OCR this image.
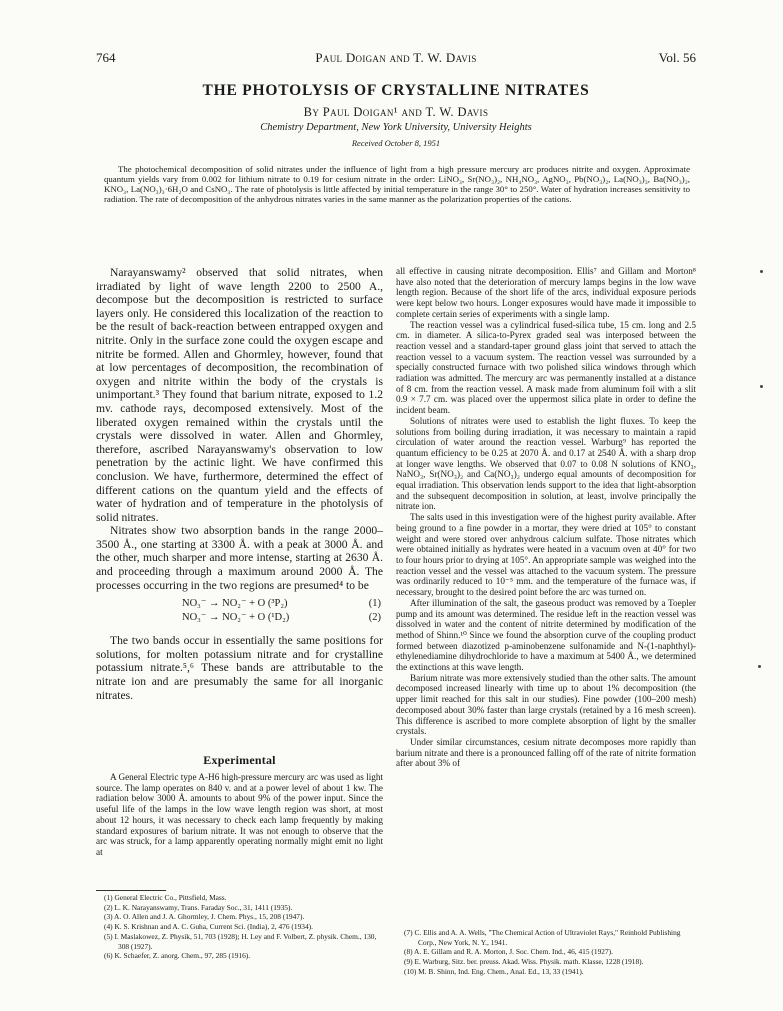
764	Paul Doigan and T. W. Davis	Vol. 56
THE PHOTOLYSIS OF CRYSTALLINE NITRATES
By Paul Doigan¹ and T. W. Davis
Chemistry Department, New York University, University Heights
Received October 8, 1951
The photochemical decomposition of solid nitrates under the influence of light from a high pressure mercury arc produces nitrite and oxygen. Approximate quantum yields vary from 0.002 for lithium nitrate to 0.19 for cesium nitrate in the order: LiNO₃, Sr(NO₃)₂, NH₄NO₃, AgNO₃, Pb(NO₃)₂, La(NO₃)₃, Ba(NO₃)₂, KNO₃, La(NO₃)₃·6H₂O and CsNO₃. The rate of photolysis is little affected by initial temperature in the range 30° to 250°. Water of hydration increases sensitivity to radiation. The rate of decomposition of the anhydrous nitrates varies in the same manner as the polarization properties of the cations.

Narayanswamy² observed that solid nitrates, when irradiated by light of wave length 2200 to 2500 A., decompose but the decomposition is restricted to surface layers only. He considered this localization of the reaction to be the result of back-reaction between entrapped oxygen and nitrite. Only in the surface zone could the oxygen escape and nitrite be formed. Allen and Ghormley, however, found that at low percentages of decomposition, the recombination of oxygen and nitrite within the body of the crystals is unimportant.³ They found that barium nitrate, exposed to 1.2 mv. cathode rays, decomposed extensively. Most of the liberated oxygen remained within the crystals until the crystals were dissolved in water. Allen and Ghormley, therefore, ascribed Narayanswamy's observation to low penetration by the actinic light. We have confirmed this conclusion. We have, furthermore, determined the effect of different cations on the quantum yield and the effects of water of hydration and of temperature in the photolysis of solid nitrates.

Nitrates show two absorption bands in the range 2000–3500 Å., one starting at 3300 Å. with a peak at 3000 Å. and the other, much sharper and more intense, starting at 2630 Å. and proceeding through a maximum around 2000 Å. The processes occurring in the two regions are presumed⁴ to be

NO₃⁻ → NO₂⁻ + O (³P₂)	(1)
NO₃⁻ → NO₂⁻ + O (¹D₂)	(2)

The two bands occur in essentially the same positions for solutions, for molten potassium nitrate and for crystalline potassium nitrate.⁵,⁶ These bands are attributable to the nitrate ion and are presumably the same for all inorganic nitrates.

Experimental

A General Electric type A-H6 high-pressure mercury arc was used as light source. The lamp operates on 840 v. and at a power level of about 1 kw. The radiation below 3000 Å. amounts to about 9% of the power input. Since the useful life of the lamps in the low wave length region was short, at most about 12 hours, it was necessary to check each lamp frequently by making standard exposures of barium nitrate. It was not enough to observe that the arc was struck, for a lamp apparently operating normally might emit no light at

all effective in causing nitrate decomposition. Ellis⁷ and Gillam and Morton⁸ have also noted that the deterioration of mercury lamps begins in the low wave length region. Because of the short life of the arcs, individual exposure periods were kept below two hours. Longer exposures would have made it impossible to complete certain series of experiments with a single lamp.

The reaction vessel was a cylindrical fused-silica tube, 15 cm. long and 2.5 cm. in diameter. A silica-to-Pyrex graded seal was interposed between the reaction vessel and a standard-taper ground glass joint that served to attach the reaction vessel to a vacuum system. The reaction vessel was surrounded by a specially constructed furnace with two polished silica windows through which radiation was admitted. The mercury arc was permanently installed at a distance of 8 cm. from the reaction vessel. A mask made from aluminum foil with a slit 0.9 × 7.7 cm. was placed over the uppermost silica plate in order to define the incident beam.

Solutions of nitrates were used to establish the light fluxes. To keep the solutions from boiling during irradiation, it was necessary to maintain a rapid circulation of water around the reaction vessel. Warburg⁹ has reported the quantum efficiency to be 0.25 at 2070 Å. and 0.17 at 2540 Å. with a sharp drop at longer wave lengths. We observed that 0.07 to 0.08 N solutions of KNO₃, NaNO₃, Sr(NO₃)₂ and Ca(NO₃)₂ undergo equal amounts of decomposition for equal irradiation. This observation lends support to the idea that light-absorption and the subsequent decomposition in solution, at least, involve principally the nitrate ion.

The salts used in this investigation were of the highest purity available. After being ground to a fine powder in a mortar, they were dried at 105° to constant weight and were stored over anhydrous calcium sulfate. Those nitrates which were obtained initially as hydrates were heated in a vacuum oven at 40° for two to four hours prior to drying at 105°. An appropriate sample was weighed into the reaction vessel and the vessel was attached to the vacuum system. The pressure was ordinarily reduced to 10⁻⁵ mm. and the temperature of the furnace was, if necessary, brought to the desired point before the arc was turned on.

After illumination of the salt, the gaseous product was removed by a Toepler pump and its amount was determined. The residue left in the reaction vessel was dissolved in water and the content of nitrite determined by modification of the method of Shinn.¹⁰ Since we found the absorption curve of the coupling product formed between diazotized p-aminobenzene sulfonamide and N-(1-naphthyl)-ethylenediamine dihydrochloride to have a maximum at 5400 Å., we determined the extinctions at this wave length.

Barium nitrate was more extensively studied than the other salts. The amount decomposed increased linearly with time up to about 1% decomposition (the upper limit reached for this salt in our studies). Fine powder (100–200 mesh) decomposed about 30% faster than large crystals (retained by a 16 mesh screen). This difference is ascribed to more complete absorption of light by the smaller crystals.

Under similar circumstances, cesium nitrate decomposes more rapidly than barium nitrate and there is a pronounced falling off of the rate of nitrite formation after about 3% of

(1) General Electric Co., Pittsfield, Mass.
(2) L. K. Narayanswamy, Trans. Faraday Soc., 31, 1411 (1935).
(3) A. O. Allen and J. A. Ghormley, J. Chem. Phys., 15, 208 (1947).
(4) K. S. Krishnan and A. C. Guha, Current Sci. (India), 2, 476 (1934).
(5) I. Maslakowez, Z. Physik, 51, 703 (1928); H. Ley and F. Volbert, Z. physik. Chem., 130, 308 (1927).
(6) K. Schaefer, Z. anorg. Chem., 97, 285 (1916).
(7) C. Ellis and A. A. Wells, "The Chemical Action of Ultraviolet Rays," Reinhold Publishing Corp., New York, N. Y., 1941.
(8) A. E. Gillam and R. A. Morton, J. Soc. Chem. Ind., 46, 415 (1927).
(9) E. Warburg, Sitz. ber. preuss. Akad. Wiss. Physik. math. Klasse, 1228 (1918).
(10) M. B. Shinn, Ind. Eng. Chem., Anal. Ed., 13, 33 (1941).
